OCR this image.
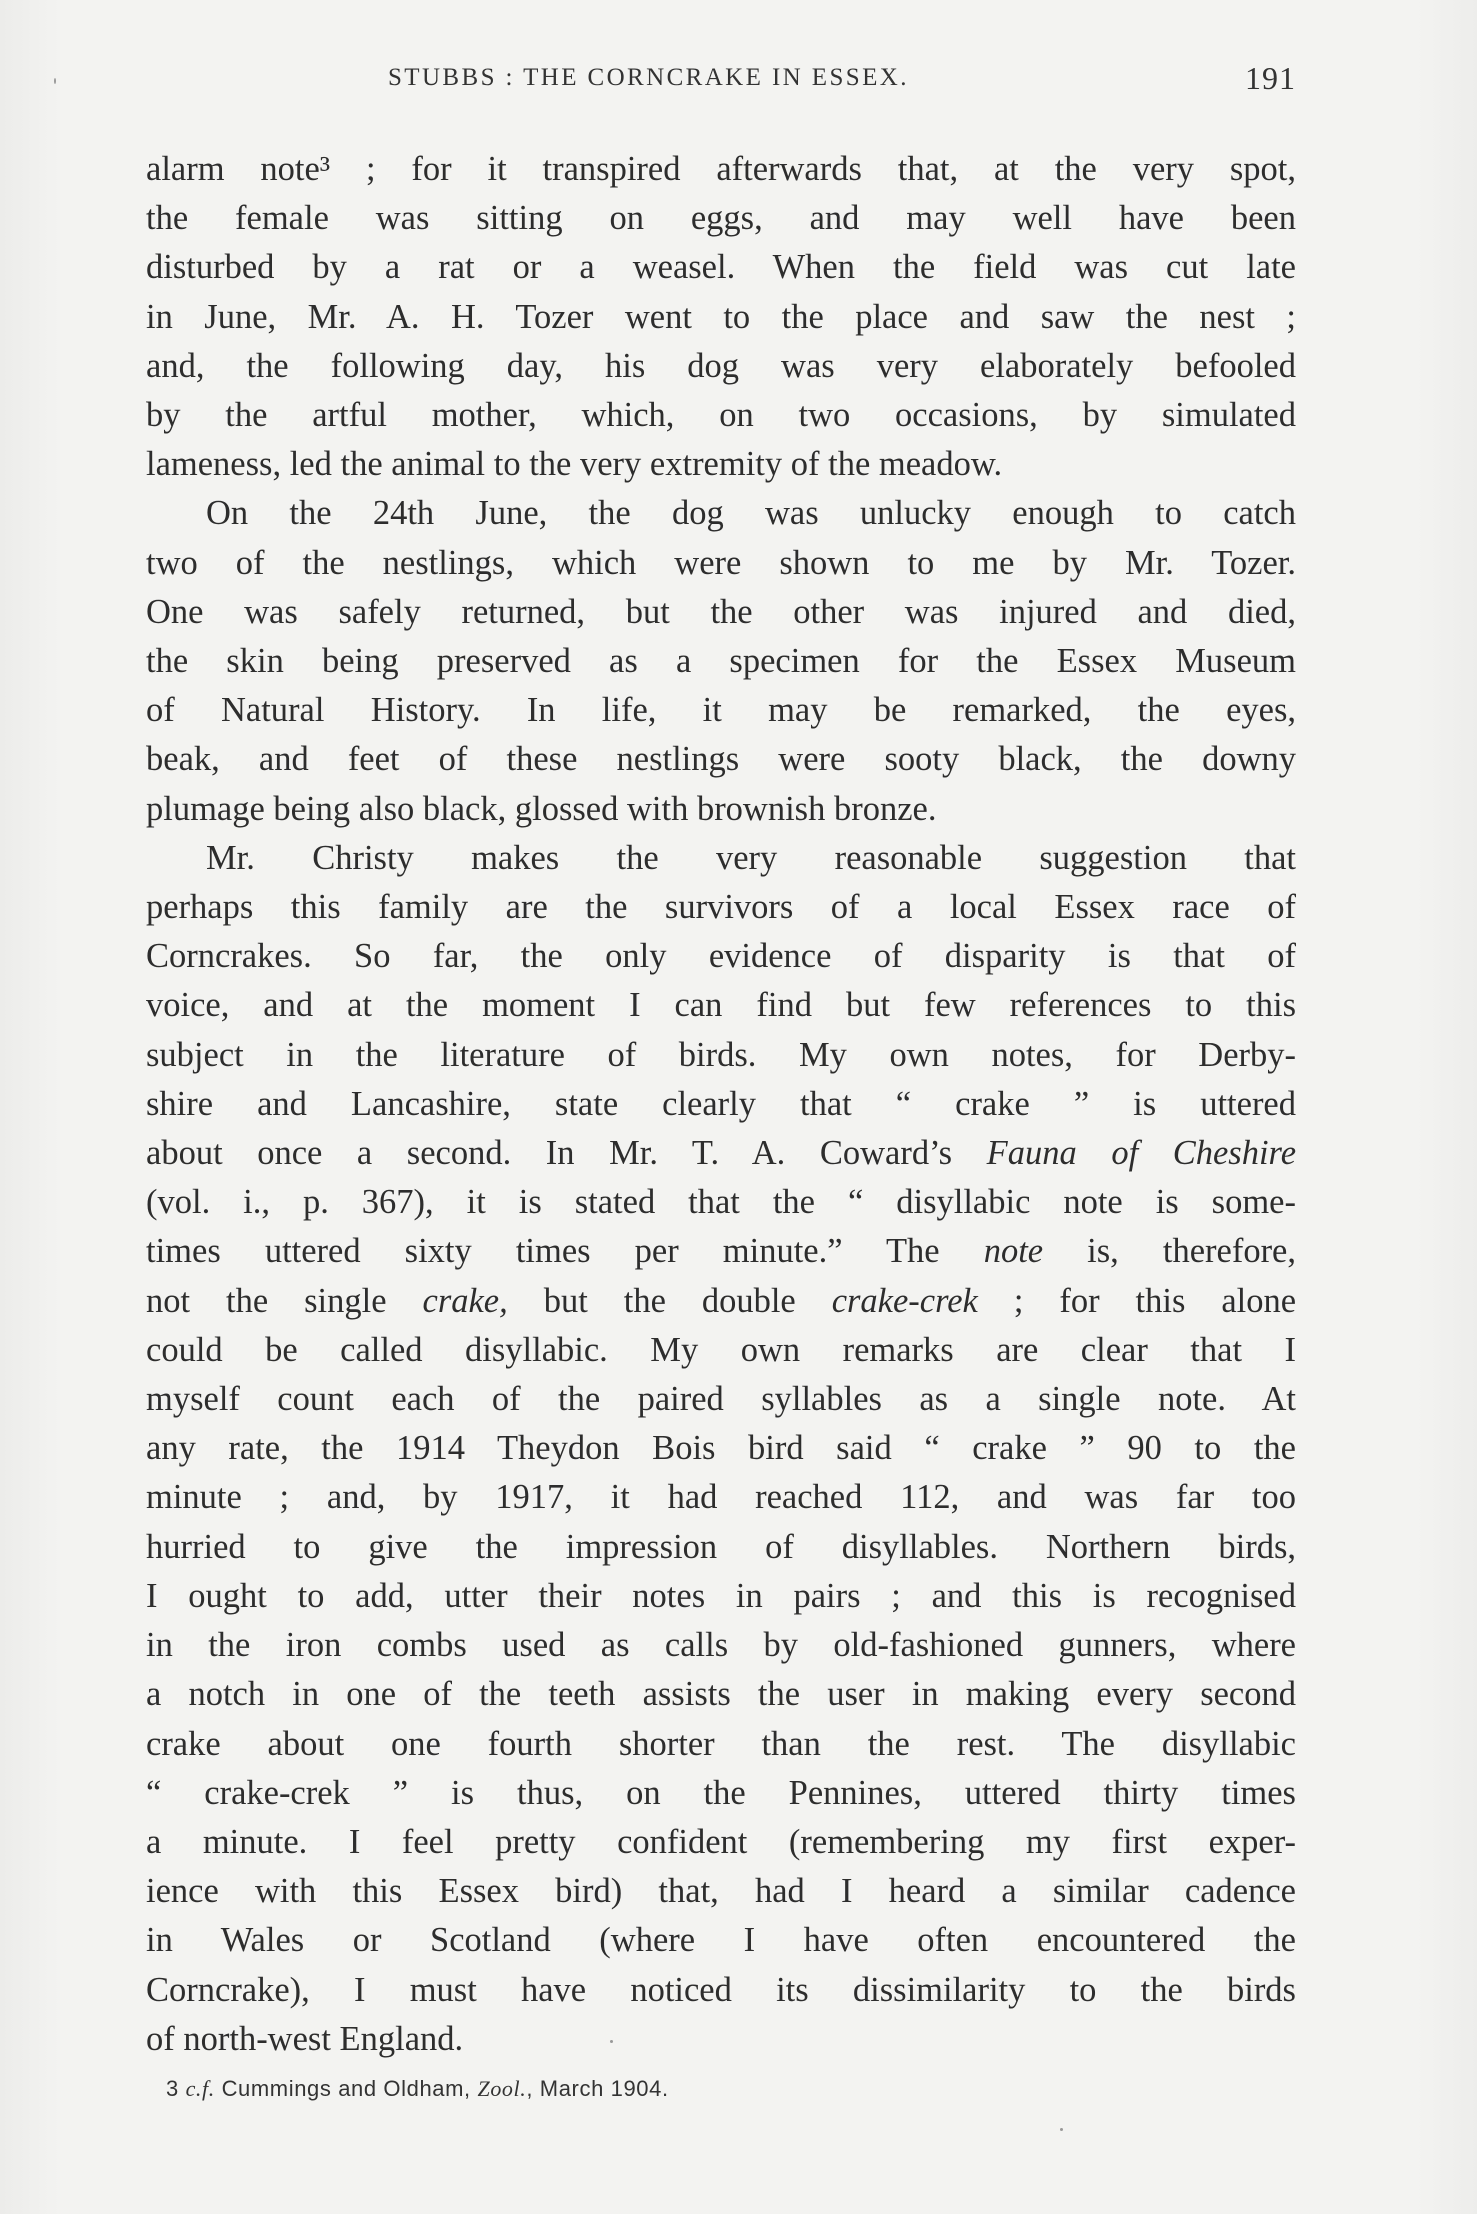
STUBBS : THE CORNCRAKE IN ESSEX.	191
alarm note³ ; for it transpired afterwards that, at the very spot,
the female was sitting on eggs, and may well have been
disturbed by a rat or a weasel. When the field was cut late
in June, Mr. A. H. Tozer went to the place and saw the nest ;
and, the following day, his dog was very elaborately befooled
by the artful mother, which, on two occasions, by simulated
lameness, led the animal to the very extremity of the meadow.
On the 24th June, the dog was unlucky enough to catch
two of the nestlings, which were shown to me by Mr. Tozer.
One was safely returned, but the other was injured and died,
the skin being preserved as a specimen for the Essex Museum
of Natural History. In life, it may be remarked, the eyes,
beak, and feet of these nestlings were sooty black, the downy
plumage being also black, glossed with brownish bronze.
Mr. Christy makes the very reasonable suggestion that
perhaps this family are the survivors of a local Essex race of
Corncrakes. So far, the only evidence of disparity is that of
voice, and at the moment I can find but few references to this
subject in the literature of birds. My own notes, for Derby-
shire and Lancashire, state clearly that “ crake ” is uttered
about once a second. In Mr. T. A. Coward’s Fauna of Cheshire
(vol. i., p. 367), it is stated that the “ disyllabic note is some-
times uttered sixty times per minute.” The note is, therefore,
not the single crake, but the double crake-crek ; for this alone
could be called disyllabic. My own remarks are clear that I
myself count each of the paired syllables as a single note. At
any rate, the 1914 Theydon Bois bird said “ crake ” 90 to the
minute ; and, by 1917, it had reached 112, and was far too
hurried to give the impression of disyllables. Northern birds,
I ought to add, utter their notes in pairs ; and this is recognised
in the iron combs used as calls by old-fashioned gunners, where
a notch in one of the teeth assists the user in making every second
crake about one fourth shorter than the rest. The disyllabic
“ crake-crek ” is thus, on the Pennines, uttered thirty times
a minute. I feel pretty confident (remembering my first exper-
ience with this Essex bird) that, had I heard a similar cadence
in Wales or Scotland (where I have often encountered the
Corncrake), I must have noticed its dissimilarity to the birds
of north-west England.
3 c.f. Cummings and Oldham, Zool., March 1904.
